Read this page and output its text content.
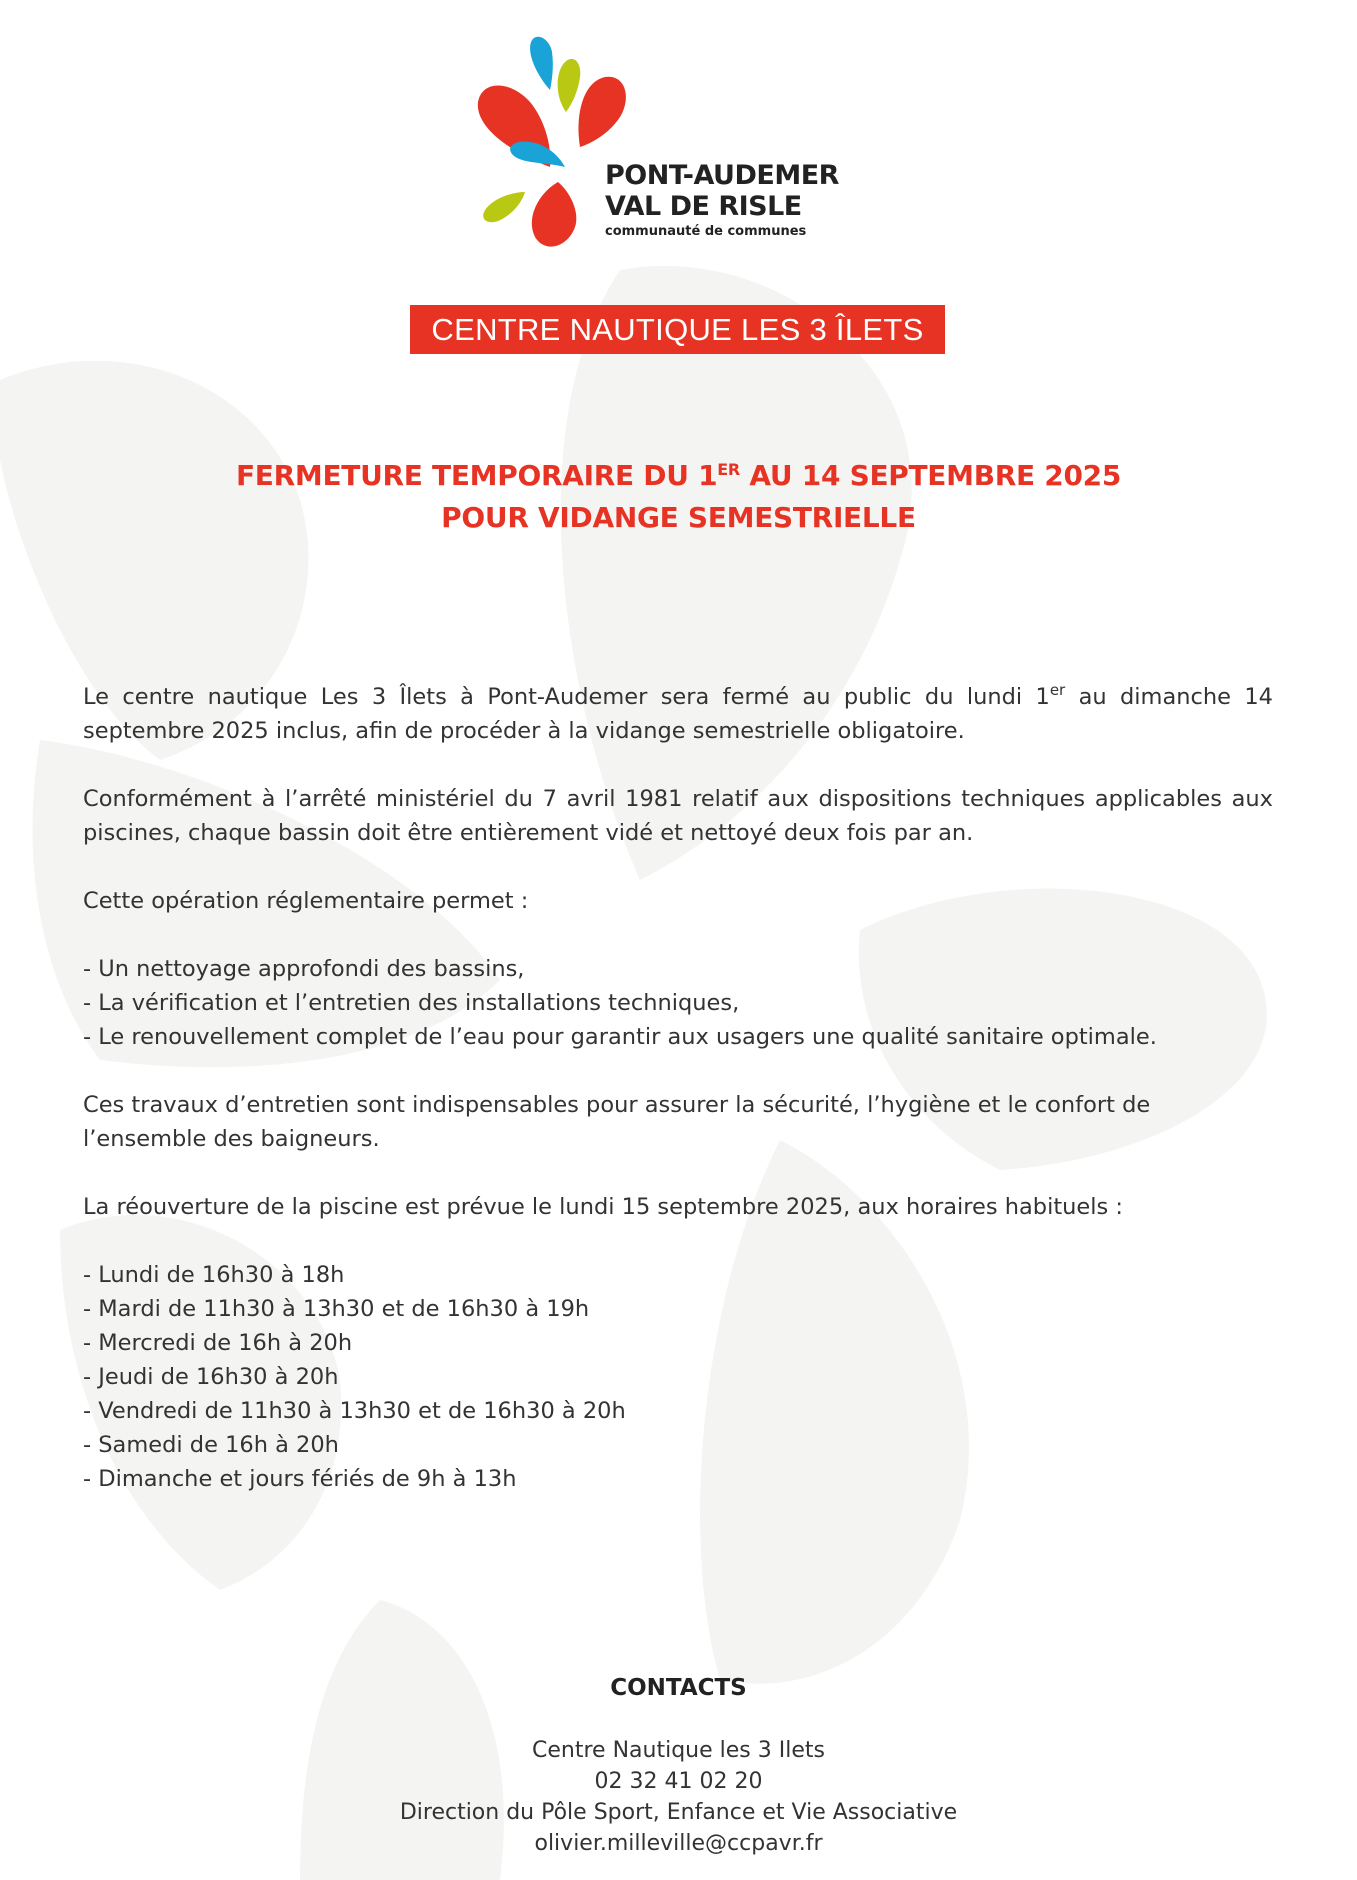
PONT-AUDEMER
VAL DE RISLE
communauté de communes
CENTRE NAUTIQUE LES 3 ÎLETS
FERMETURE TEMPORAIRE DU 1ER AU 14 SEPTEMBRE 2025
POUR VIDANGE SEMESTRIELLE

Le centre nautique Les 3 Îlets à Pont-Audemer sera fermé au public du lundi 1er au dimanche 14 septembre 2025 inclus, afin de procéder à la vidange semestrielle obligatoire.

Conformément à l’arrêté ministériel du 7 avril 1981 relatif aux dispositions techniques applicables aux piscines, chaque bassin doit être entièrement vidé et nettoyé deux fois par an.

Cette opération réglementaire permet :

- Un nettoyage approfondi des bassins,
- La vérification et l’entretien des installations techniques,
- Le renouvellement complet de l’eau pour garantir aux usagers une qualité sanitaire optimale.

Ces travaux d’entretien sont indispensables pour assurer la sécurité, l’hygiène et le confort de l’ensemble des baigneurs.

La réouverture de la piscine est prévue le lundi 15 septembre 2025, aux horaires habituels :

- Lundi de 16h30 à 18h
- Mardi de 11h30 à 13h30 et de 16h30 à 19h
- Mercredi de 16h à 20h
- Jeudi de 16h30 à 20h
- Vendredi de 11h30 à 13h30 et de 16h30 à 20h
- Samedi de 16h à 20h
- Dimanche et jours fériés de 9h à 13h
CONTACTS
Centre Nautique les 3 Ilets
02 32 41 02 20
Direction du Pôle Sport, Enfance et Vie Associative
olivier.milleville@ccpavr.fr
